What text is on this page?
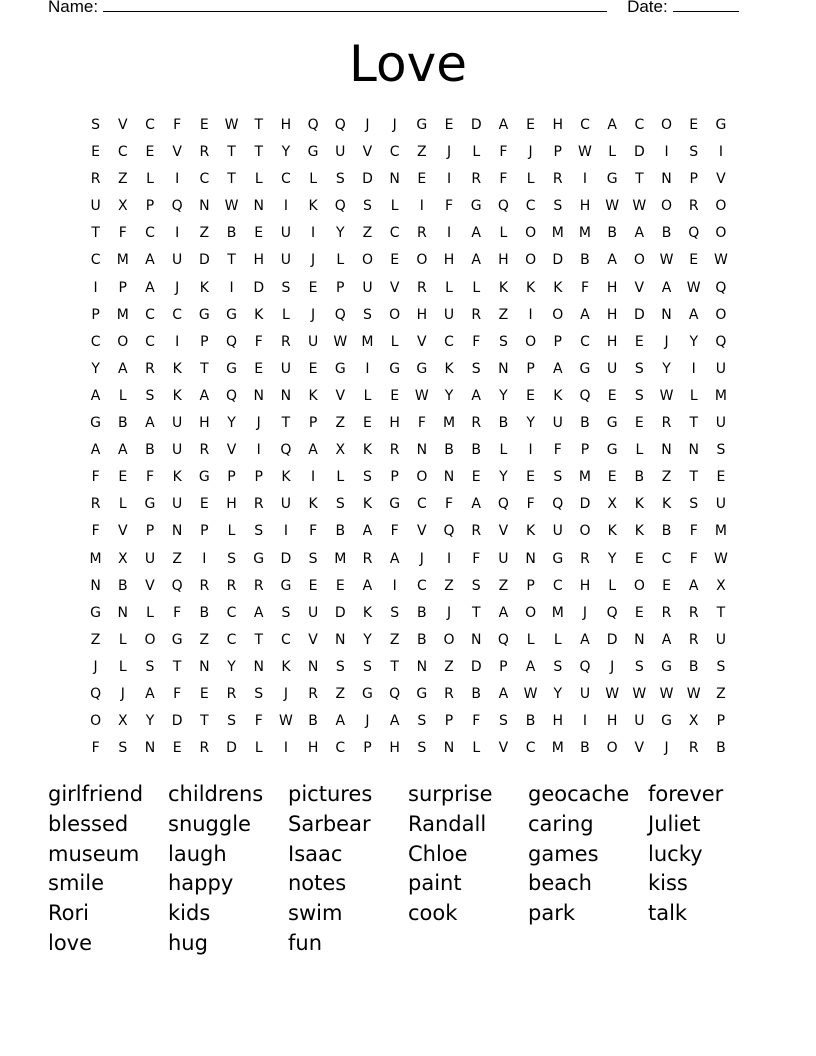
Name:	Date:
Love
S	V	C	F	E	W	T	H	Q	Q	J	J	G	E	D	A	E	H	C	A	C	O	E	G
E	C	E	V	R	T	T	Y	G	U	V	C	Z	J	L	F	J	P	W	L	D	I	S	I
R	Z	L	I	C	T	L	C	L	S	D	N	E	I	R	F	L	R	I	G	T	N	P	V
U	X	P	Q	N	W	N	I	K	Q	S	L	I	F	G	Q	C	S	H	W W	O	R	O
T	F	C	I	Z	B	E	U	I	Y	Z	C	R	I	A	L	O	M	M	B	A	B	Q	O
C	M	A	U	D	T	H	U	J	L	O	E	O	H	A	H	O	D	B	A	O	W	E	W
I	P	A	J	K	I	D	S	E	P	U	V	R	L	L	K	K	K	F	H	V	A	W	Q
P	M	C	C	G	G	K	L	J	Q	S	O	H	U	R	Z	I	O	A	H	D	N	A	O
C	O	C	I	P	Q	F	R	U	W	M	L	V	C	F	S	O	P	C	H	E	J	Y	Q
Y	A	R	K	T	G	E	U	E	G	I	G	G	K	S	N	P	A	G	U	S	Y	I	U
A	L	S	K	A	Q	N	N	K	V	L	E	W	Y	A	Y	E	K	Q	E	S	W	L	M
G	B	A	U	H	Y	J	T	P	Z	E	H	F	M	R	B	Y	U	B	G	E	R	T	U
A	A	B	U	R	V	I	Q	A	X	K	R	N	B	B	L	I	F	P	G	L	N	N	S
F	E	F	K	G	P	P	K	I	L	S	P	O	N	E	Y	E	S	M	E	B	Z	T	E
R	L	G	U	E	H	R	U	K	S	K	G	C	F	A	Q	F	Q	D	X	K	K	S	U
F	V	P	N	P	L	S	I	F	B	A	F	V	Q	R	V	K	U	O	K	K	B	F	M
M	X	U	Z	I	S	G	D	S	M	R	A	J	I	F	U	N	G	R	Y	E	C	F	W
N	B	V	Q	R	R	R	G	E	E	A	I	C	Z	S	Z	P	C	H	L	O	E	A	X
G	N	L	F	B	C	A	S	U	D	K	S	B	J	T	A	O	M	J	Q	E	R	R	T
Z	L	O	G	Z	C	T	C	V	N	Y	Z	B	O	N	Q	L	L	A	D	N	A	R	U
J	L	S	T	N	Y	N	K	N	S	S	T	N	Z	D	P	A	S	Q	J	S	G	B	S
Q	J	A	F	E	R	S	J	R	Z	G	Q	G	R	B	A	W	Y	U	W W W W	Z
O	X	Y	D	T	S	F	W	B	A	J	A	S	P	F	S	B	H	I	H	U	G	X	P
F	S	N	E	R	D	L	I	H	C	P	H	S	N	L	V	C	M	B	O	V	J	R	B
girlfriend	childrens	pictures	surprise	geocache forever
blessed	snuggle	Sarbear	Randall	caring	Juliet
museum	laugh	Isaac	Chloe	games	lucky
smile	happy	notes	paint	beach	kiss
Rori	kids	swim	cook	park	talk
love	hug	fun
